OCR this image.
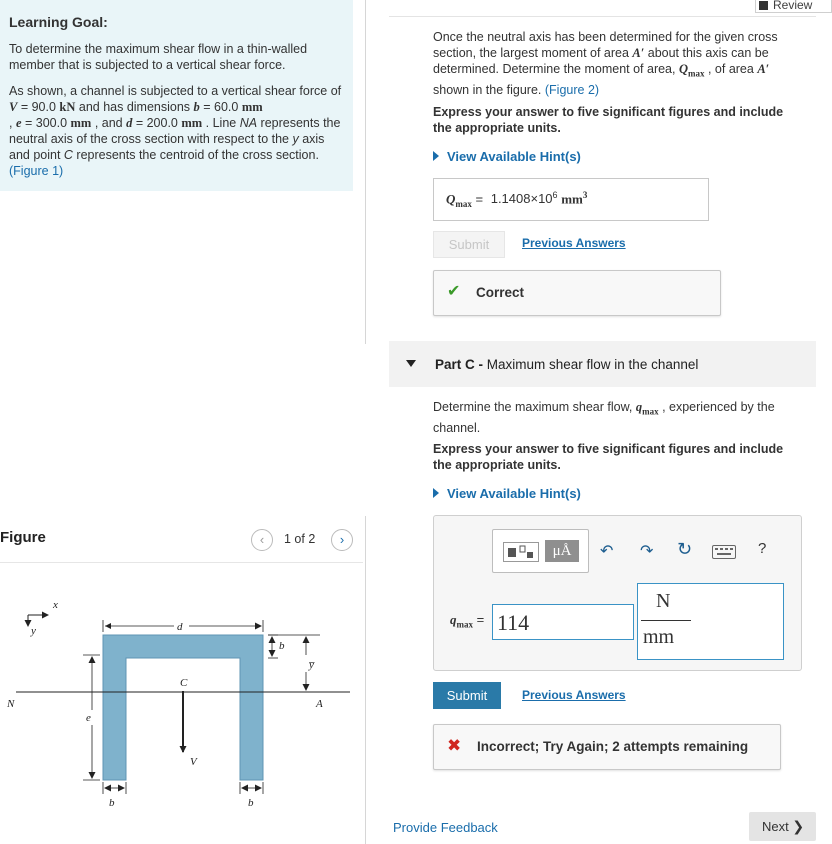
Review
Learning Goal:
To determine the maximum shear flow in a thin-walled member that is subjected to a vertical shear force.
As shown, a channel is subjected to a vertical shear force of V = 90.0 kN and has dimensions b = 60.0 mm
, e = 300.0 mm , and d = 200.0 mm . Line NA represents the neutral axis of the cross section with respect to the y axis and point C represents the centroid of the cross section. (Figure 1)
Once the neutral axis has been determined for the given cross section, the largest moment of area A′ about this axis can be determined. Determine the moment of area, $Q_{max}$ , of area A′ shown in the figure. (Figure 2)
Express your answer to five significant figures and include the appropriate units.
View Available Hint(s)
$Q_{max} = 1.1408\times 10^6$ $mm^3$
Submit	Previous Answers
✔ Correct
Part C - Maximum shear flow in the channel
Determine the maximum shear flow, $q_{max}$ , experienced by the channel.
Express your answer to five significant figures and include the appropriate units.
View Available Hint(s)
μÅ	↶ ↷ ↻	?
$q_{max} = 114$
N
mm
Submit	Previous Answers
✖ Incorrect; Try Again; 2 attempts remaining
Provide Feedback	Next ❯
Figure	‹	1 of 2	›
x
y	d
b
y̅
C
N	A
e
V
b	b
